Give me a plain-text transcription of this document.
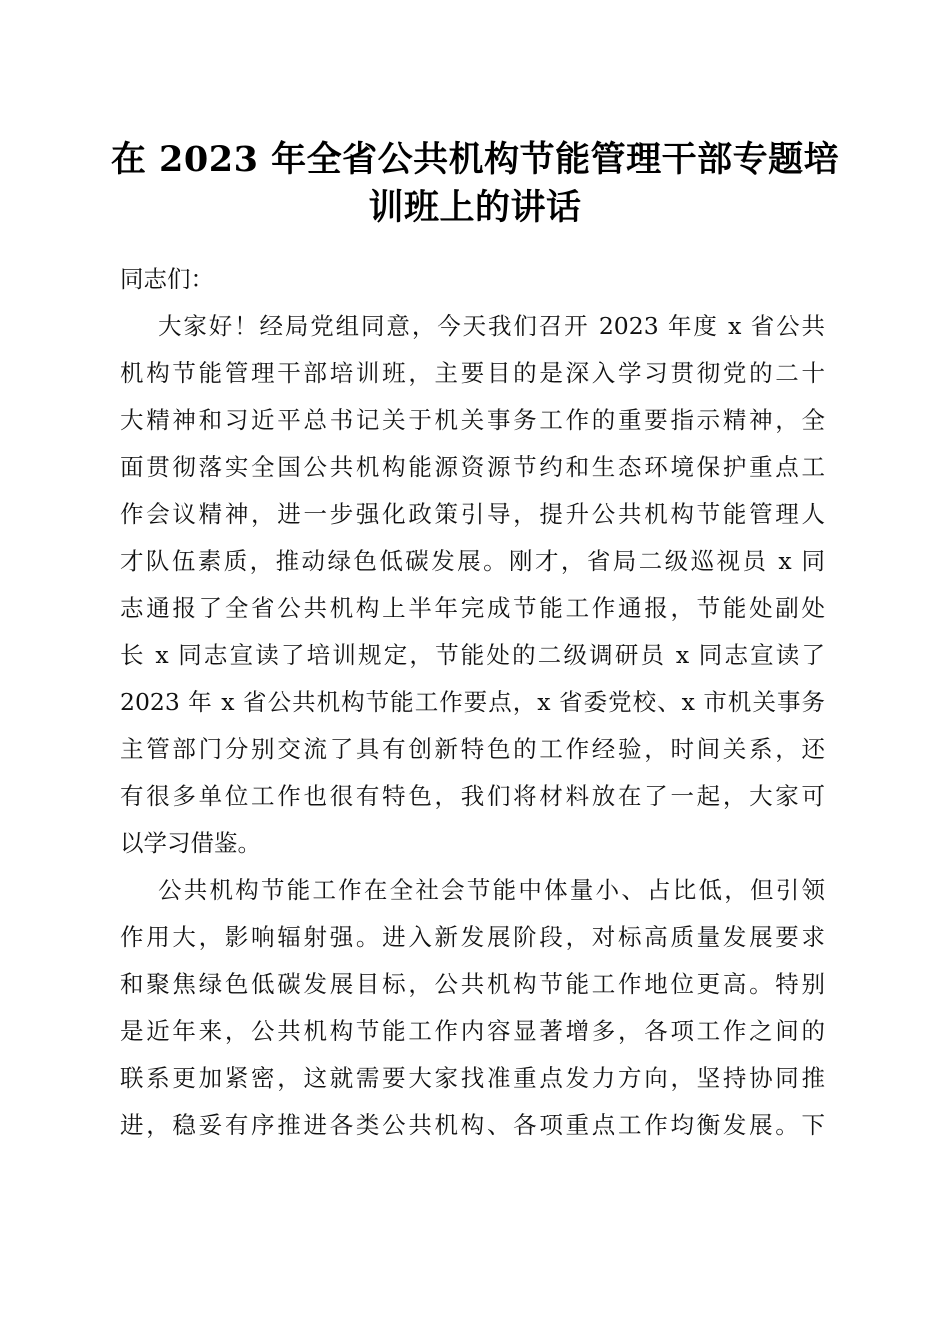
在 2023 年全省公共机构节能管理干部专题培
训班上的讲话
同志们：
大家好！经局党组同意，今天我们召开 2023 年度 x 省公共
机构节能管理干部培训班，主要目的是深入学习贯彻党的二十
大精神和习近平总书记关于机关事务工作的重要指示精神，全
面贯彻落实全国公共机构能源资源节约和生态环境保护重点工
作会议精神，进一步强化政策引导，提升公共机构节能管理人
才队伍素质，推动绿色低碳发展。刚才，省局二级巡视员 x 同
志通报了全省公共机构上半年完成节能工作通报，节能处副处
长 x 同志宣读了培训规定，节能处的二级调研员 x 同志宣读了
2023 年 x 省公共机构节能工作要点，x 省委党校、x 市机关事务
主管部门分别交流了具有创新特色的工作经验，时间关系，还
有很多单位工作也很有特色，我们将材料放在了一起，大家可
以学习借鉴。
公共机构节能工作在全社会节能中体量小、占比低，但引领
作用大，影响辐射强。进入新发展阶段，对标高质量发展要求
和聚焦绿色低碳发展目标，公共机构节能工作地位更高。特别
是近年来，公共机构节能工作内容显著增多，各项工作之间的
联系更加紧密，这就需要大家找准重点发力方向，坚持协同推
进，稳妥有序推进各类公共机构、各项重点工作均衡发展。下
